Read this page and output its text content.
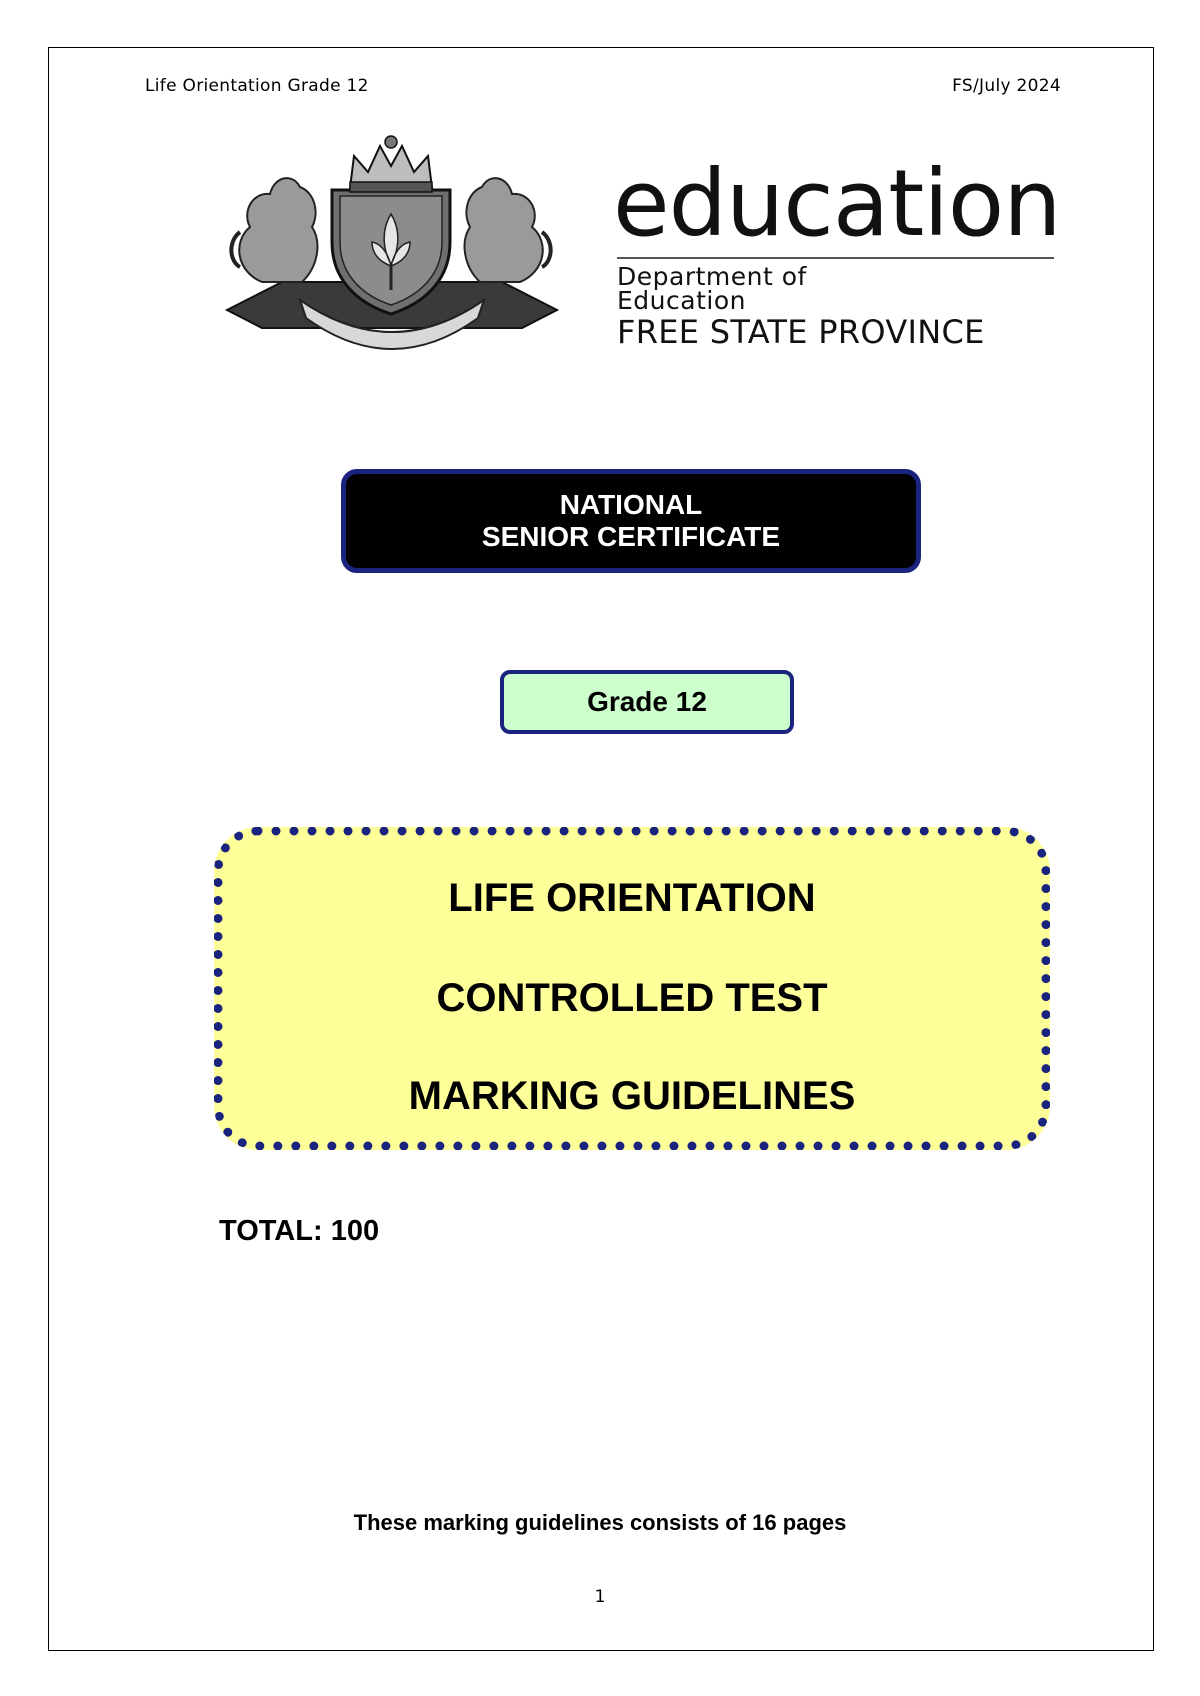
Life Orientation Grade 12	FS/July 2024
education
Department of
Education
FREE STATE PROVINCE
NATIONAL
SENIOR CERTIFICATE
Grade 12
LIFE ORIENTATION
CONTROLLED TEST
MARKING GUIDELINES
TOTAL: 100
These marking guidelines consists of 16 pages
1
